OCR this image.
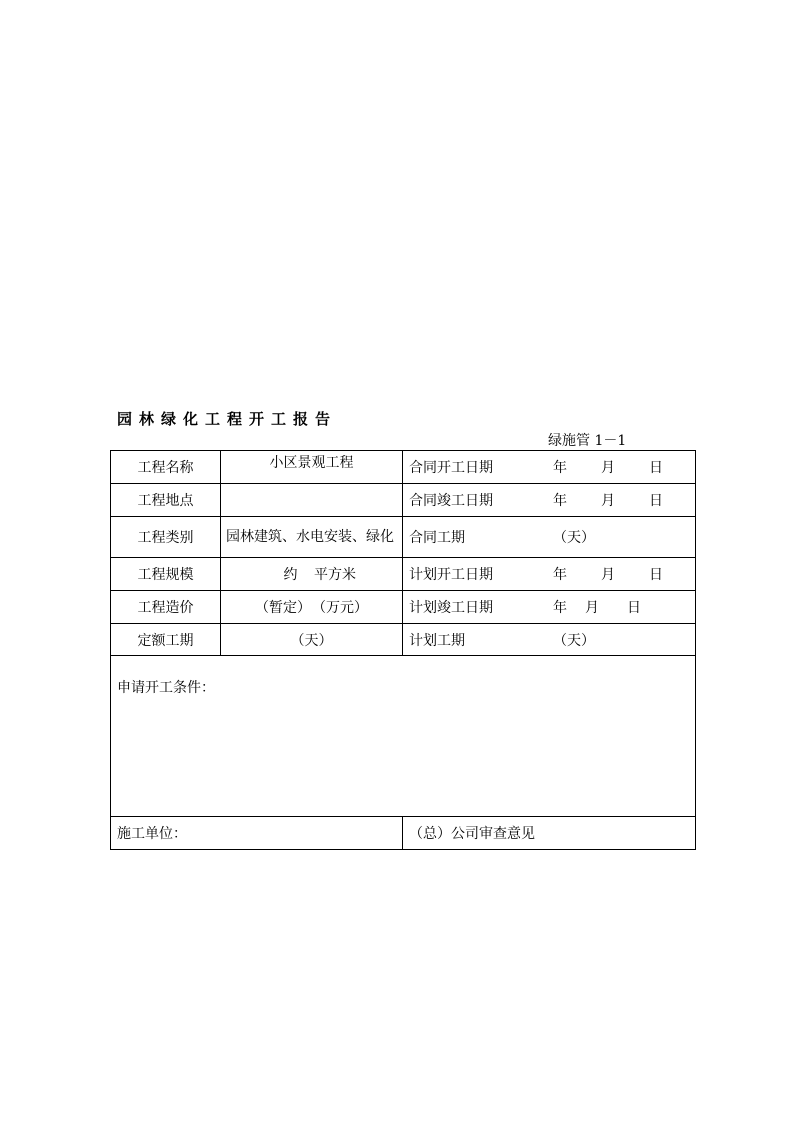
园林绿化工程开工报告
绿施管 1－1
工程名称	小区景观工程	合同开工日期 年 月 日

工程地点		合同竣工日期 年 月 日

工程类别	园林建筑、水电安装、绿化	合同工期 （天）

工程规模	约 平方米	计划开工日期 年 月 日

工程造价	（暂定） （万元）	计划竣工日期 年 月 日

定额工期	（天）	计划工期 （天）

申请开工条件：		
施工单位：		（总）公司审查意见
